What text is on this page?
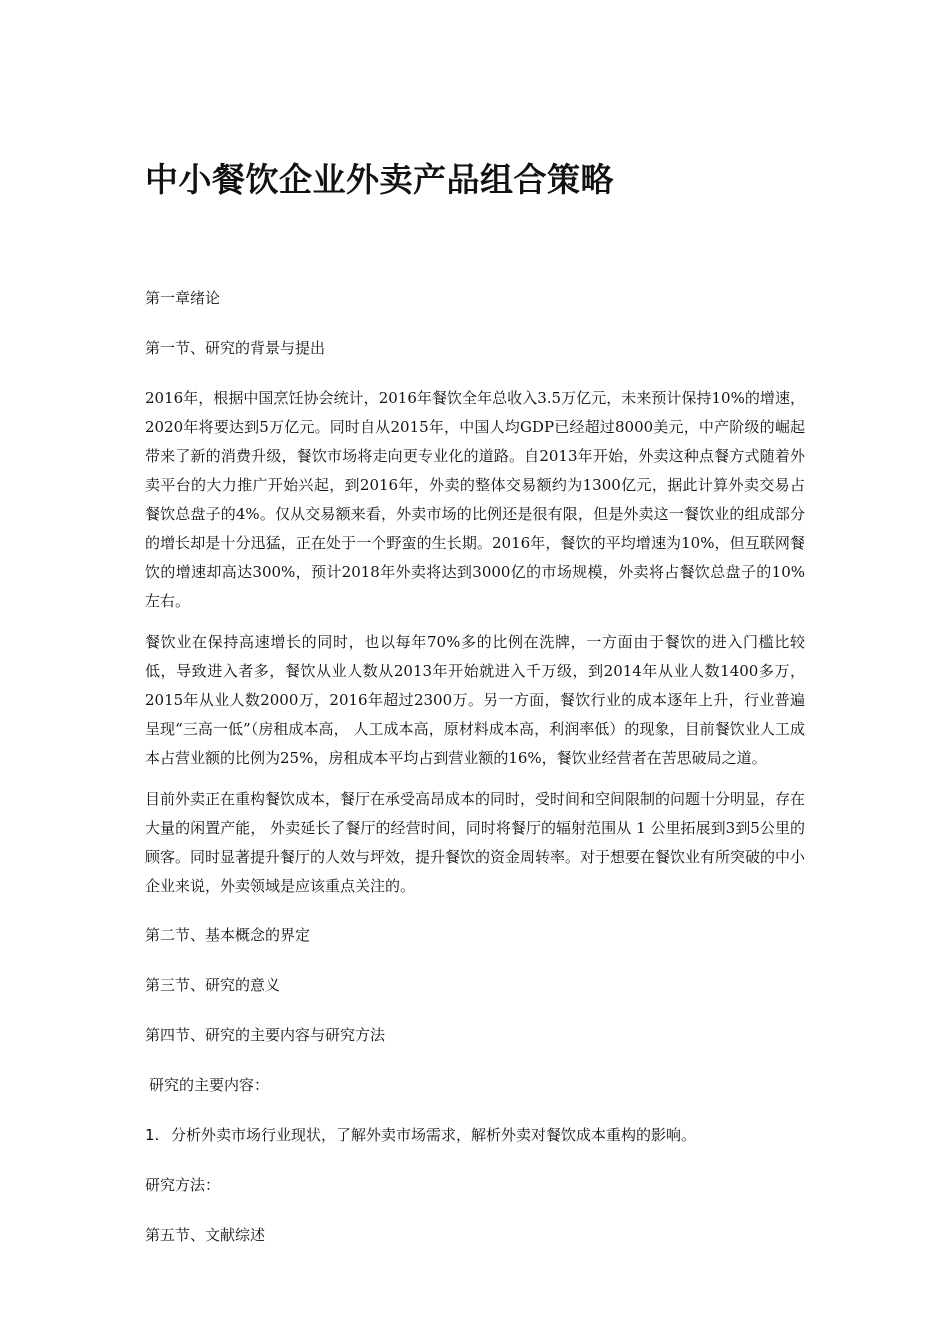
中小餐饮企业外卖产品组合策略

第一章绪论

第一节、研究的背景与提出

2016年，根据中国烹饪协会统计，2016年餐饮全年总收入3.5万亿元，未来预计保持10%的增速，2020年将要达到5万亿元。同时自从2015年，中国人均GDP已经超过8000美元，中产阶级的崛起带来了新的消费升级，餐饮市场将走向更专业化的道路。自2013年开始，外卖这种点餐方式随着外卖平台的大力推广开始兴起，到2016年，外卖的整体交易额约为1300亿元，据此计算外卖交易占餐饮总盘子的4%。仅从交易额来看，外卖市场的比例还是很有限，但是外卖这一餐饮业的组成部分的增长却是十分迅猛，正在处于一个野蛮的生长期。2016年，餐饮的平均增速为10%，但互联网餐饮的增速却高达300%，预计2018年外卖将达到3000亿的市场规模，外卖将占餐饮总盘子的10%左右。

餐饮业在保持高速增长的同时，也以每年70%多的比例在洗牌，一方面由于餐饮的进入门槛比较低，导致进入者多，餐饮从业人数从2013年开始就进入千万级，到2014年从业人数1400多万，2015年从业人数2000万，2016年超过2300万。另一方面，餐饮行业的成本逐年上升，行业普遍呈现“三高一低”（房租成本高， 人工成本高，原材料成本高，利润率低）的现象，目前餐饮业人工成本占营业额的比例为25%，房租成本平均占到营业额的16%，餐饮业经营者在苦思破局之道。

目前外卖正在重构餐饮成本，餐厅在承受高昂成本的同时，受时间和空间限制的问题十分明显，存在大量的闲置产能， 外卖延长了餐厅的经营时间，同时将餐厅的辐射范围从 1 公里拓展到3到5公里的顾客。同时显著提升餐厅的人效与坪效，提升餐饮的资金周转率。对于想要在餐饮业有所突破的中小企业来说，外卖领域是应该重点关注的。

第二节、基本概念的界定

第三节、研究的意义

第四节、研究的主要内容与研究方法

研究的主要内容：

1. 分析外卖市场行业现状，了解外卖市场需求，解析外卖对餐饮成本重构的影响。

研究方法：

第五节、文献综述
